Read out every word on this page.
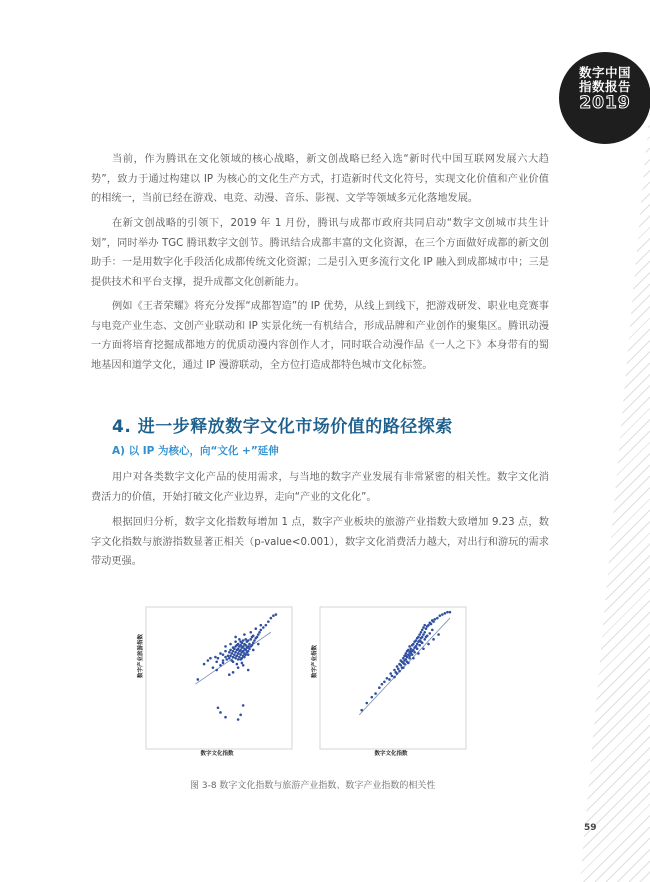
数字中国
指数报告
2019

当前，作为腾讯在文化领域的核心战略，新文创战略已经入选“新时代中国互联网发展六大趋势”，致力于通过构建以 IP 为核心的文化生产方式，打造新时代文化符号，实现文化价值和产业价值的相统一，当前已经在游戏、电竞、动漫、音乐、影视、文学等领域多元化落地发展。

在新文创战略的引领下，2019 年 1 月份，腾讯与成都市政府共同启动“数字文创城市共生计划”，同时举办 TGC 腾讯数字文创节。腾讯结合成都丰富的文化资源，在三个方面做好成都的新文创助手：一是用数字化手段活化成都传统文化资源；二是引入更多流行文化 IP 融入到成都城市中；三是提供技术和平台支撑，提升成都文化创新能力。

例如《王者荣耀》将充分发挥“成都智造”的 IP 优势，从线上到线下，把游戏研发、职业电竞赛事与电竞产业生态、文创产业联动和 IP 实景化统一有机结合，形成品牌和产业创作的聚集区。腾讯动漫一方面将培育挖掘成都地方的优质动漫内容创作人才，同时联合动漫作品《一人之下》本身带有的蜀地基因和道学文化，通过 IP 漫游联动，全方位打造成都特色城市文化标签。

4. 进一步释放数字文化市场价值的路径探索
A) 以 IP 为核心，向“文化 +”延伸

用户对各类数字文化产品的使用需求，与当地的数字产业发展有非常紧密的相关性。数字文化消费活力的价值，开始打破文化产业边界，走向“产业的文化化”。

根据回归分析，数字文化指数每增加 1 点，数字产业板块的旅游产业指数大致增加 9.23 点，数字文化指数与旅游指数显著正相关（p-value<0.001），数字文化消费活力越大，对出行和游玩的需求带动更强。

数字产业旅游指数
数字文化指数
数字产业指数
数字文化指数

图 3-8 数字文化指数与旅游产业指数、数字产业指数的相关性

59
